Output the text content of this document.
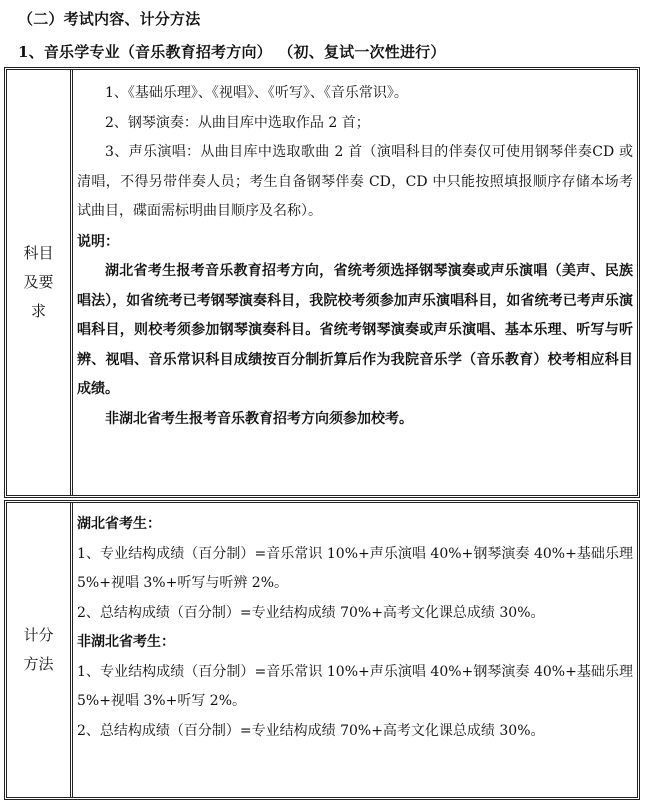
（二）考试内容、计分方法
1、音乐学专业（音乐教育招考方向） （初、复试一次性进行）
科目及要求

1、《基础乐理》、《视唱》、《听写》、《音乐常识》。

2、钢琴演奏：从曲目库中选取作品 2 首；

3、声乐演唱：从曲目库中选取歌曲 2 首（演唱科目的伴奏仅可使用钢琴伴奏CD 或清唱，不得另带伴奏人员；考生自备钢琴伴奏 CD，CD 中只能按照填报顺序存储本场考试曲目，碟面需标明曲目顺序及名称）。

说明：

湖北省考生报考音乐教育招考方向，省统考须选择钢琴演奏或声乐演唱（美声、民族唱法），如省统考已考钢琴演奏科目，我院校考须参加声乐演唱科目，如省统考已考声乐演唱科目，则校考须参加钢琴演奏科目。省统考钢琴演奏或声乐演唱、基本乐理、听写与听辨、视唱、音乐常识科目成绩按百分制折算后作为我院音乐学（音乐教育）校考相应科目成绩。

非湖北省考生报考音乐教育招考方向须参加校考。

计分方法

湖北省考生：

1、专业结构成绩（百分制）=音乐常识 10%+声乐演唱 40%+钢琴演奏 40%+基础乐理 5%+视唱 3%+听写与听辨 2%。

2、总结构成绩（百分制）=专业结构成绩 70%+高考文化课总成绩 30%。

非湖北省考生：

1、专业结构成绩（百分制）=音乐常识 10%+声乐演唱 40%+钢琴演奏 40%+基础乐理 5%+视唱 3%+听写 2%。

2、总结构成绩（百分制）=专业结构成绩 70%+高考文化课总成绩 30%。
